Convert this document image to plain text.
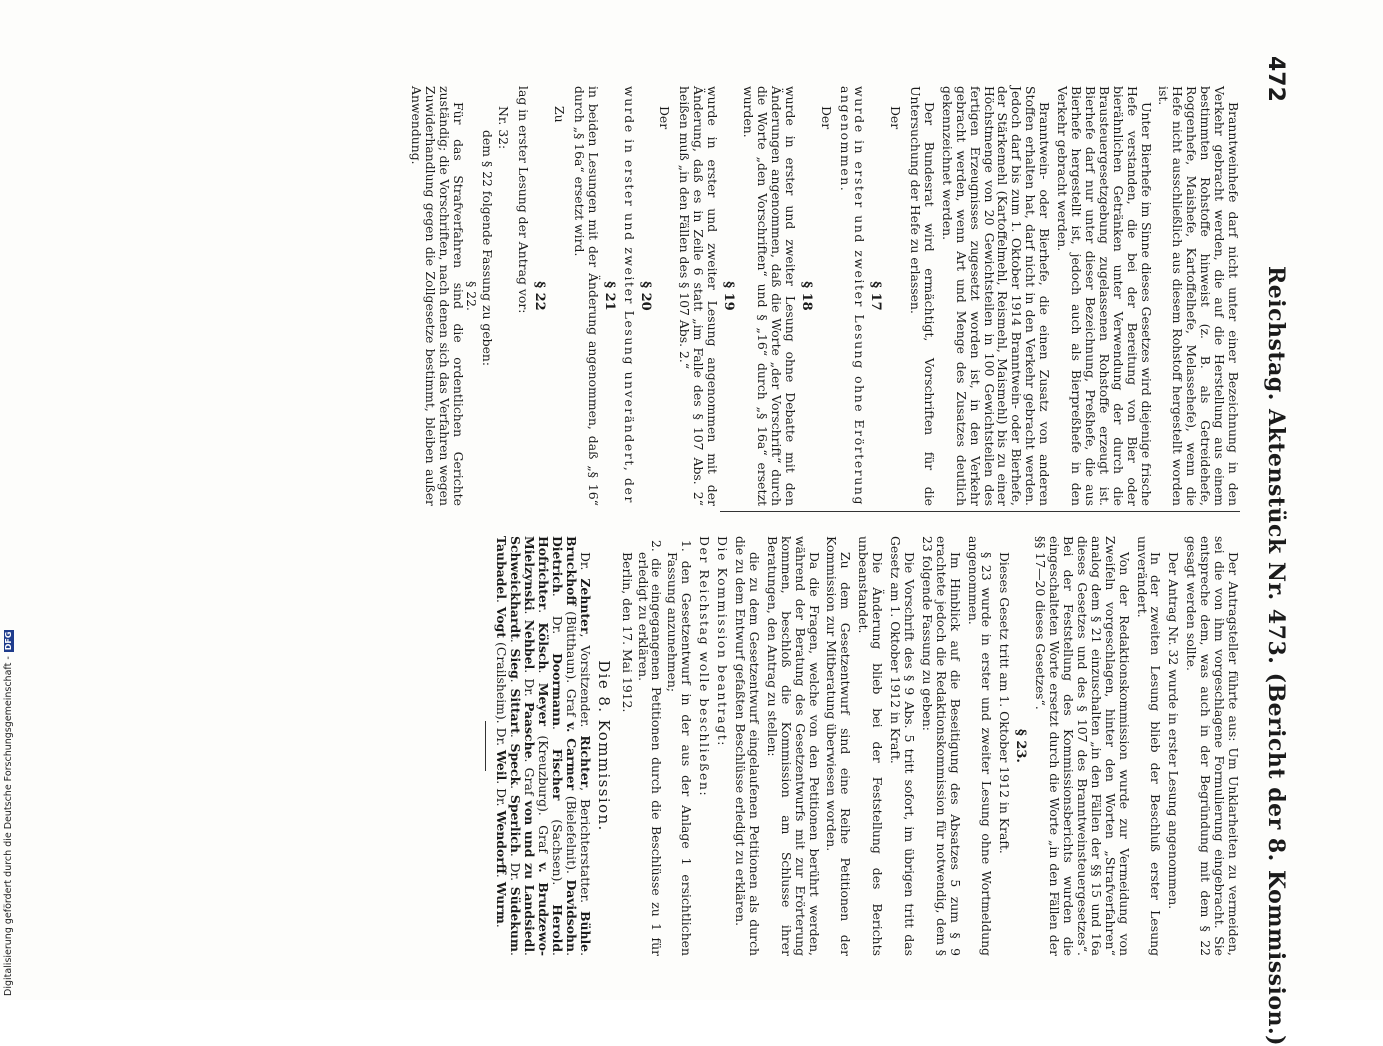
472
Reichstag. Aktenstück Nr. 473. (Bericht der 8. Kommission.)

Branntweinhefe darf nicht unter einer Bezeichnung in den Verkehr gebracht werden, die auf die Herstellung aus einem bestimmten Rohstoffe hinweist (z. B. als Getreidehefe, Roggenhefe, Maishefe, Kartoffelhefe, Melassehefe), wenn die Hefe nicht ausschließlich aus diesem Rohstoff hergestellt worden ist.

Unter Bierhefe im Sinne dieses Gesetzes wird diejenige frische Hefe verstanden, die bei der Bereitung von Bier oder bierähnlichen Getränken unter Verwendung der durch die Brausteuergesetzgebung zugelassenen Rohstoffe erzeugt ist. Bierhefe darf nur unter dieser Bezeichnung, Preßhefe, die aus Bierhefe hergestellt ist, jedoch auch als Bierpreßhefe in den Verkehr gebracht werden.

Branntwein- oder Bierhefe, die einen Zusatz von anderen Stoffen erhalten hat, darf nicht in den Verkehr gebracht werden. Jedoch darf bis zum 1. Oktober 1914 Branntwein- oder Bierhefe, der Stärkemehl (Kartoffelmehl, Reismehl, Maismehl) bis zu einer Höchstmenge von 20 Gewichtsteilen in 100 Gewichtsteilen des fertigen Erzeugnisses zugesetzt worden ist, in den Verkehr gebracht werden, wenn Art und Menge des Zusatzes deutlich gekennzeichnet werden.

Der Bundesrat wird ermächtigt, Vorschriften für die Untersuchung der Hefe zu erlassen.

Der
§ 17

wurde in erster und zweiter Lesung ohne Erörterung angenommen.

Der
§ 18

wurde in erster und zweiter Lesung ohne Debatte mit den Änderungen angenommen, daß die Worte „der Vorschrift“ durch die Worte „den Vorschriften“ und § „16“ durch „§ 16a“ ersetzt wurden.

§ 19

wurde in erster und zweiter Lesung angenommen mit der Änderung, daß es in Zeile 6 statt „im Falle des § 107 Abs. 2“ heißen muß „in den Fällen des § 107 Abs. 2.“

Der
§ 20

wurde in erster und zweiter Lesung unverändert, der

§ 21

in beiden Lesungen mit der Änderung angenommen, daß „§ 16“ durch „§ 16a“ ersetzt wird.

Zu
§ 22

lag in erster Lesung der Antrag vor:

Nr. 32:
dem § 22 folgende Fassung zu geben:
§ 22.

Für das Strafverfahren sind die ordentlichen Gerichte zuständig; die Vorschriften, nach denen sich das Verfahren wegen Zuwiderhandlung gegen die Zollgesetze bestimmt, bleiben außer Anwendung.

Der Antragsteller führte aus: Um Unklarheiten zu vermeiden, sei die von ihm vorgeschlagene Formulierung eingebracht. Sie entspreche dem, was auch in der Begründung mit dem § 22 gesagt werden sollte.

Der Antrag Nr. 32 wurde in erster Lesung angenommen.

In der zweiten Lesung blieb der Beschluß erster Lesung unverändert.

Von der Redaktionskommission wurde zur Vermeidung von Zweifeln vorgeschlagen, hinter den Worten „Strafverfahren“ analog dem § 21 einzuschalten „in den Fällen der §§ 15 und 16a dieses Gesetzes und des § 107 des Branntweinsteuergesetzes“. Bei der Feststellung des Kommissionsberichts wurden die eingeschalteten Worte ersetzt durch die Worte „in den Fällen der §§ 17—20 dieses Gesetzes“.

§ 23.

Dieses Gesetz tritt am 1. Oktober 1912 in Kraft.

§ 23 wurde in erster und zweiter Lesung ohne Wortmeldung angenommen.

Im Hinblick auf die Beseitigung des Absatzes 5 zum § 9 erachtete jedoch die Redaktionskommission für notwendig, dem § 23 folgende Fassung zu geben:

Die Vorschrift des § 9 Abs. 5 tritt sofort, im übrigen tritt das Gesetz am 1. Oktober 1912 in Kraft.

Die Änderung blieb bei der Feststellung des Berichts unbeanstandet.

Zu dem Gesetzentwurf sind eine Reihe Petitionen der Kommission zur Mitberatung überwiesen worden.

Da die Fragen, welche von den Petitionen berührt werden, während der Beratung des Gesetzentwurfs mit zur Erörterung kommen, beschloß die Kommission am Schlusse ihrer Beratungen, den Antrag zu stellen:

die zu dem Gesetzentwurf eingelaufenen Petitionen als durch die zu dem Entwurf gefaßten Beschlüsse erledigt zu erklären.

Die Kommission beantragt:

Der Reichstag wolle beschließen:

1. den Gesetzentwurf in der aus der Anlage 1 ersichtlichen Fassung anzunehmen;
2. die eingegangenen Petitionen durch die Beschlüsse zu 1 für erledigt zu erklären.

Berlin, den 17. Mai 1912.

Die 8. Kommission.

Dr. Zehnter, Vorsitzender. Richter, Berichterstatter. Bühle. Bruckhoff (Bütthaun). Graf v. Carmer (Bielefelnit). Davidsohn. Dietrich. Dr. Doormann. Fischer (Sachsen). Herold. Hofrichter. Kölsch. Meyer (Kreuzburg). Graf v. Brudzewo-Mielzynski. Nehbel. Dr. Paasche. Graf von und zu Landsiedl. Schweickhardt. Sieg. Sittart. Speck. Sperlich. Dr. Südekum. Taubadel. Vogt (Crailsheim). Dr. Weil. Dr. Wendorff. Wurm.

Digitalisierung gefördert durch die Deutsche Forschungsgemeinschaft -
DFG
